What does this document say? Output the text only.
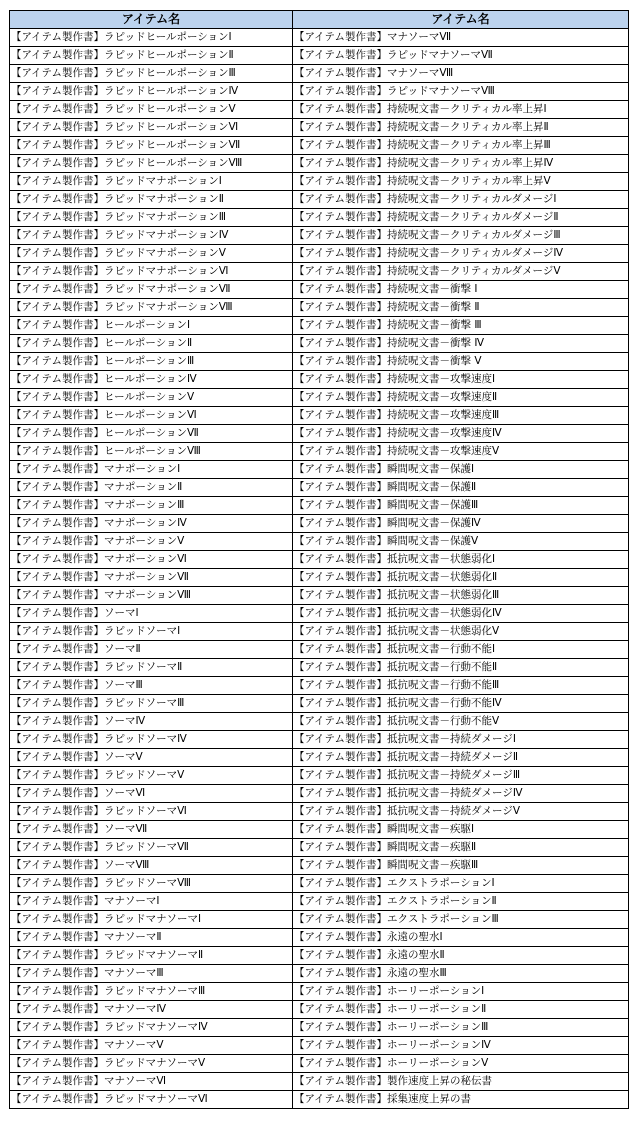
アイテム名	アイテム名
【アイテム製作書】ラピッドヒールポーションⅠ	【アイテム製作書】マナソーマⅦ
【アイテム製作書】ラピッドヒールポーションⅡ	【アイテム製作書】ラピッドマナソーマⅦ
【アイテム製作書】ラピッドヒールポーションⅢ	【アイテム製作書】マナソーマⅧ
【アイテム製作書】ラピッドヒールポーションⅣ	【アイテム製作書】ラピッドマナソーマⅧ
【アイテム製作書】ラピッドヒールポーションⅤ	【アイテム製作書】持続呪文書－クリティカル率上昇Ⅰ
【アイテム製作書】ラピッドヒールポーションⅥ	【アイテム製作書】持続呪文書－クリティカル率上昇Ⅱ
【アイテム製作書】ラピッドヒールポーションⅦ	【アイテム製作書】持続呪文書－クリティカル率上昇Ⅲ
【アイテム製作書】ラピッドヒールポーションⅧ	【アイテム製作書】持続呪文書－クリティカル率上昇Ⅳ
【アイテム製作書】ラピッドマナポーションⅠ	【アイテム製作書】持続呪文書－クリティカル率上昇Ⅴ
【アイテム製作書】ラピッドマナポーションⅡ	【アイテム製作書】持続呪文書－クリティカルダメージⅠ
【アイテム製作書】ラピッドマナポーションⅢ	【アイテム製作書】持続呪文書－クリティカルダメージⅡ
【アイテム製作書】ラピッドマナポーションⅣ	【アイテム製作書】持続呪文書－クリティカルダメージⅢ
【アイテム製作書】ラピッドマナポーションⅤ	【アイテム製作書】持続呪文書－クリティカルダメージⅣ
【アイテム製作書】ラピッドマナポーションⅥ	【アイテム製作書】持続呪文書－クリティカルダメージⅤ
【アイテム製作書】ラピッドマナポーションⅦ	【アイテム製作書】持続呪文書－衝撃 Ⅰ
【アイテム製作書】ラピッドマナポーションⅧ	【アイテム製作書】持続呪文書－衝撃 Ⅱ
【アイテム製作書】ヒールポーションⅠ	【アイテム製作書】持続呪文書－衝撃 Ⅲ
【アイテム製作書】ヒールポーションⅡ	【アイテム製作書】持続呪文書－衝撃 Ⅳ
【アイテム製作書】ヒールポーションⅢ	【アイテム製作書】持続呪文書－衝撃 Ⅴ
【アイテム製作書】ヒールポーションⅣ	【アイテム製作書】持続呪文書－攻撃速度Ⅰ
【アイテム製作書】ヒールポーションⅤ	【アイテム製作書】持続呪文書－攻撃速度Ⅱ
【アイテム製作書】ヒールポーションⅥ	【アイテム製作書】持続呪文書－攻撃速度Ⅲ
【アイテム製作書】ヒールポーションⅦ	【アイテム製作書】持続呪文書－攻撃速度Ⅳ
【アイテム製作書】ヒールポーションⅧ	【アイテム製作書】持続呪文書－攻撃速度Ⅴ
【アイテム製作書】マナポーションⅠ	【アイテム製作書】瞬間呪文書－保護Ⅰ
【アイテム製作書】マナポーションⅡ	【アイテム製作書】瞬間呪文書－保護Ⅱ
【アイテム製作書】マナポーションⅢ	【アイテム製作書】瞬間呪文書－保護Ⅲ
【アイテム製作書】マナポーションⅣ	【アイテム製作書】瞬間呪文書－保護Ⅳ
【アイテム製作書】マナポーションⅤ	【アイテム製作書】瞬間呪文書－保護Ⅴ
【アイテム製作書】マナポーションⅥ	【アイテム製作書】抵抗呪文書－状態弱化Ⅰ
【アイテム製作書】マナポーションⅦ	【アイテム製作書】抵抗呪文書－状態弱化Ⅱ
【アイテム製作書】マナポーションⅧ	【アイテム製作書】抵抗呪文書－状態弱化Ⅲ
【アイテム製作書】ソーマⅠ	【アイテム製作書】抵抗呪文書－状態弱化Ⅳ
【アイテム製作書】ラピッドソーマⅠ	【アイテム製作書】抵抗呪文書－状態弱化Ⅴ
【アイテム製作書】ソーマⅡ	【アイテム製作書】抵抗呪文書－行動不能Ⅰ
【アイテム製作書】ラピッドソーマⅡ	【アイテム製作書】抵抗呪文書－行動不能Ⅱ
【アイテム製作書】ソーマⅢ	【アイテム製作書】抵抗呪文書－行動不能Ⅲ
【アイテム製作書】ラピッドソーマⅢ	【アイテム製作書】抵抗呪文書－行動不能Ⅳ
【アイテム製作書】ソーマⅣ	【アイテム製作書】抵抗呪文書－行動不能Ⅴ
【アイテム製作書】ラピッドソーマⅣ	【アイテム製作書】抵抗呪文書－持続ダメージⅠ
【アイテム製作書】ソーマⅤ	【アイテム製作書】抵抗呪文書－持続ダメージⅡ
【アイテム製作書】ラピッドソーマⅤ	【アイテム製作書】抵抗呪文書－持続ダメージⅢ
【アイテム製作書】ソーマⅥ	【アイテム製作書】抵抗呪文書－持続ダメージⅣ
【アイテム製作書】ラピッドソーマⅥ	【アイテム製作書】抵抗呪文書－持続ダメージⅤ
【アイテム製作書】ソーマⅦ	【アイテム製作書】瞬間呪文書－疾駆Ⅰ
【アイテム製作書】ラピッドソーマⅦ	【アイテム製作書】瞬間呪文書－疾駆Ⅱ
【アイテム製作書】ソーマⅧ	【アイテム製作書】瞬間呪文書－疾駆Ⅲ
【アイテム製作書】ラピッドソーマⅧ	【アイテム製作書】エクストラポーションⅠ
【アイテム製作書】マナソーマⅠ	【アイテム製作書】エクストラポーションⅡ
【アイテム製作書】ラピッドマナソーマⅠ	【アイテム製作書】エクストラポーションⅢ
【アイテム製作書】マナソーマⅡ	【アイテム製作書】永遠の聖水Ⅰ
【アイテム製作書】ラピッドマナソーマⅡ	【アイテム製作書】永遠の聖水Ⅱ
【アイテム製作書】マナソーマⅢ	【アイテム製作書】永遠の聖水Ⅲ
【アイテム製作書】ラピッドマナソーマⅢ	【アイテム製作書】ホーリーポーションⅠ
【アイテム製作書】マナソーマⅣ	【アイテム製作書】ホーリーポーションⅡ
【アイテム製作書】ラピッドマナソーマⅣ	【アイテム製作書】ホーリーポーションⅢ
【アイテム製作書】マナソーマⅤ	【アイテム製作書】ホーリーポーションⅣ
【アイテム製作書】ラピッドマナソーマⅤ	【アイテム製作書】ホーリーポーションⅤ
【アイテム製作書】マナソーマⅥ	【アイテム製作書】製作速度上昇の秘伝書
【アイテム製作書】ラピッドマナソーマⅥ	【アイテム製作書】採集速度上昇の書
